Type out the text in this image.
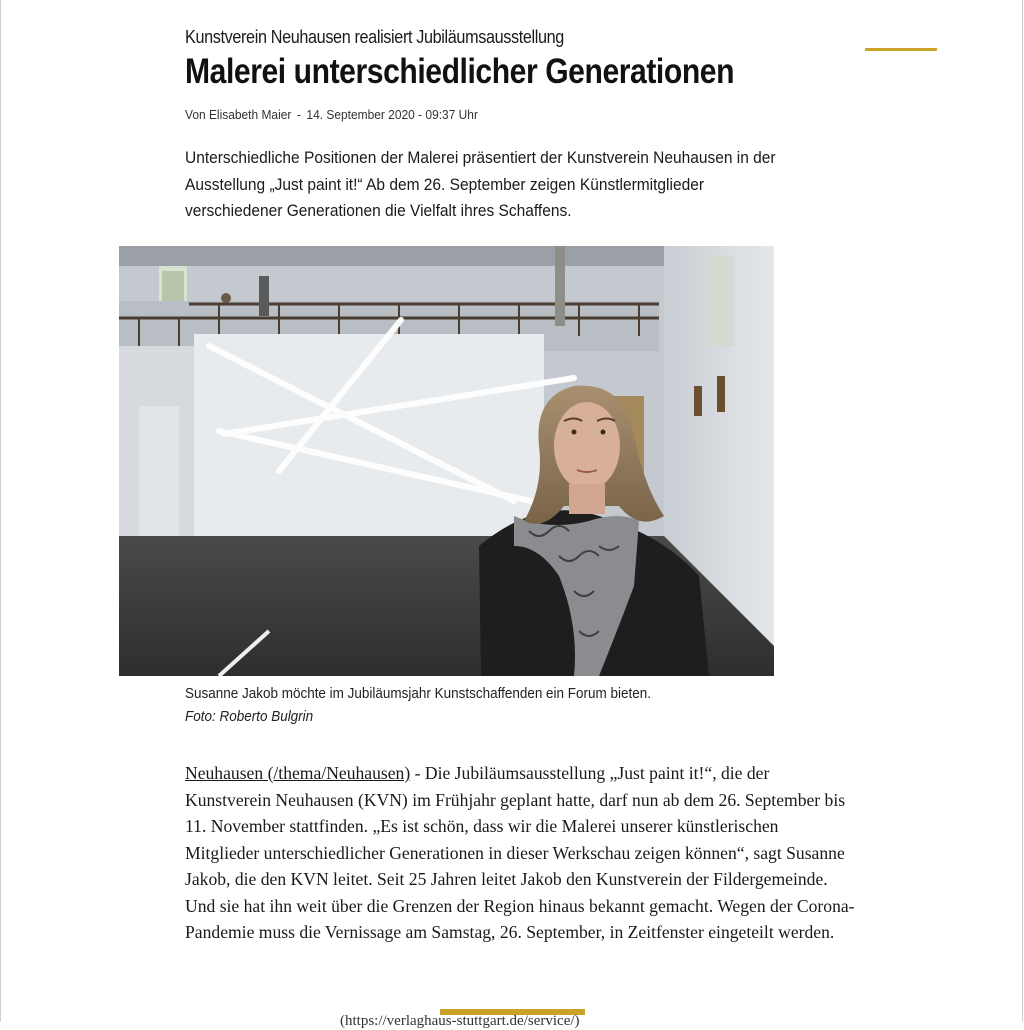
Kunstverein Neuhausen realisiert Jubiläumsausstellung
Malerei unterschiedlicher Generationen
Von Elisabeth Maier - 14. September 2020 - 09:37 Uhr

Unterschiedliche Positionen der Malerei präsentiert der Kunstverein Neuhausen in der Ausstellung „Just paint it!“ Ab dem 26. September zeigen Künstlermitglieder verschiedener Generationen die Vielfalt ihres Schaffens.

Susanne Jakob möchte im Jubiläumsjahr Kunstschaffenden ein Forum bieten.
Foto: Roberto Bulgrin

Neuhausen (/thema/Neuhausen) - Die Jubiläumsausstellung „Just paint it!“, die der Kunstverein Neuhausen (KVN) im Frühjahr geplant hatte, darf nun ab dem 26. September bis 11. November stattfinden. „Es ist schön, dass wir die Malerei unserer künstlerischen Mitglieder unterschiedlicher Generationen in dieser Werkschau zeigen können“, sagt Susanne Jakob, die den KVN leitet. Seit 25 Jahren leitet Jakob den Kunstverein der Fildergemeinde. Und sie hat ihn weit über die Grenzen der Region hinaus bekannt gemacht. Wegen der Corona-Pandemie muss die Vernissage am Samstag, 26. September, in Zeitfenster eingeteilt werden.

(https://verlaghaus-stuttgart.de/service/)
